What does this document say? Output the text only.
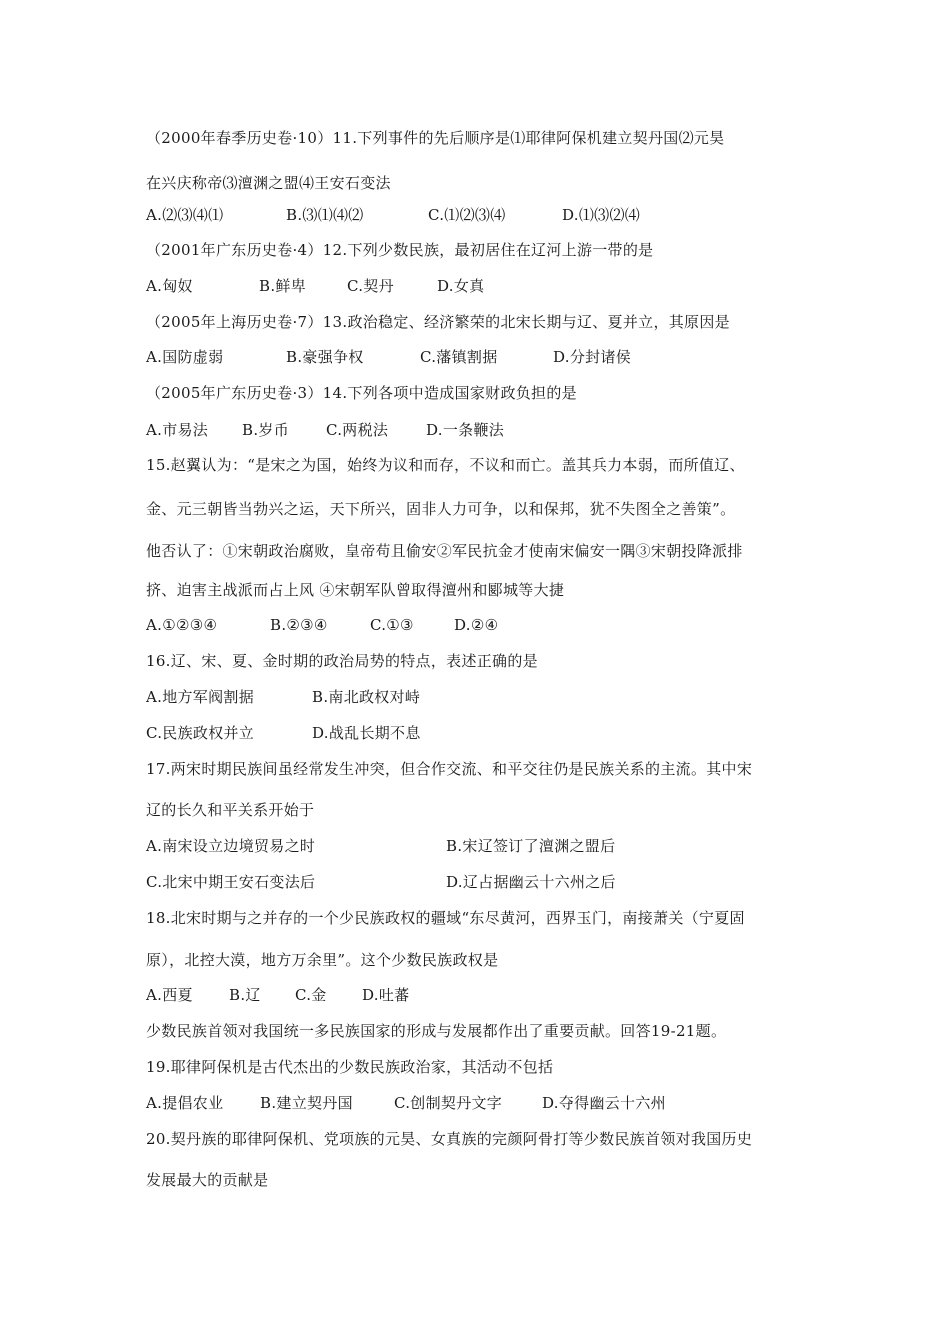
（2000年春季历史卷·10）11.下列事件的先后顺序是⑴耶律阿保机建立契丹国⑵元昊
在兴庆称帝⑶澶渊之盟⑷王安石变法
A.⑵⑶⑷⑴	B.⑶⑴⑷⑵	C.⑴⑵⑶⑷	D.⑴⑶⑵⑷
（2001年广东历史卷·4）12.下列少数民族，最初居住在辽河上游一带的是
A.匈奴	B.鲜卑	C.契丹	D.女真
（2005年上海历史卷·7）13.政治稳定、经济繁荣的北宋长期与辽、夏并立，其原因是
A.国防虚弱	B.豪强争权	C.藩镇割据	D.分封诸侯
（2005年广东历史卷·3）14.下列各项中造成国家财政负担的是
A.市易法 B.岁币 C.两税法	D.一条鞭法
15.赵翼认为：“是宋之为国，始终为议和而存，不议和而亡。盖其兵力本弱，而所值辽、
金、元三朝皆当勃兴之运，天下所兴，固非人力可争，以和保邦，犹不失图全之善策”。
他否认了：①宋朝政治腐败，皇帝苟且偷安②军民抗金才使南宋偏安一隅③宋朝投降派排
挤、迫害主战派而占上风 ④宋朝军队曾取得澶州和郾城等大捷
A.①②③④	B.②③④	C.①③	D.②④
16.辽、宋、夏、金时期的政治局势的特点，表述正确的是
A.地方军阀割据	B.南北政权对峙
C.民族政权并立	D.战乱长期不息
17.两宋时期民族间虽经常发生冲突，但合作交流、和平交往仍是民族关系的主流。其中宋
辽的长久和平关系开始于
A.南宋设立边境贸易之时	B.宋辽签订了澶渊之盟后
C.北宋中期王安石变法后	D.辽占据幽云十六州之后
18.北宋时期与之并存的一个少民族政权的疆域“东尽黄河，西界玉门，南接萧关（宁夏固
原），北控大漠，地方万余里”。这个少数民族政权是
A.西夏 B.辽 C.金 D.吐蕃
少数民族首领对我国统一多民族国家的形成与发展都作出了重要贡献。回答19-21题。
19.耶律阿保机是古代杰出的少数民族政治家，其活动不包括
A.提倡农业 B.建立契丹国	C.创制契丹文字	D.夺得幽云十六州
20.契丹族的耶律阿保机、党项族的元昊、女真族的完颜阿骨打等少数民族首领对我国历史
发展最大的贡献是
